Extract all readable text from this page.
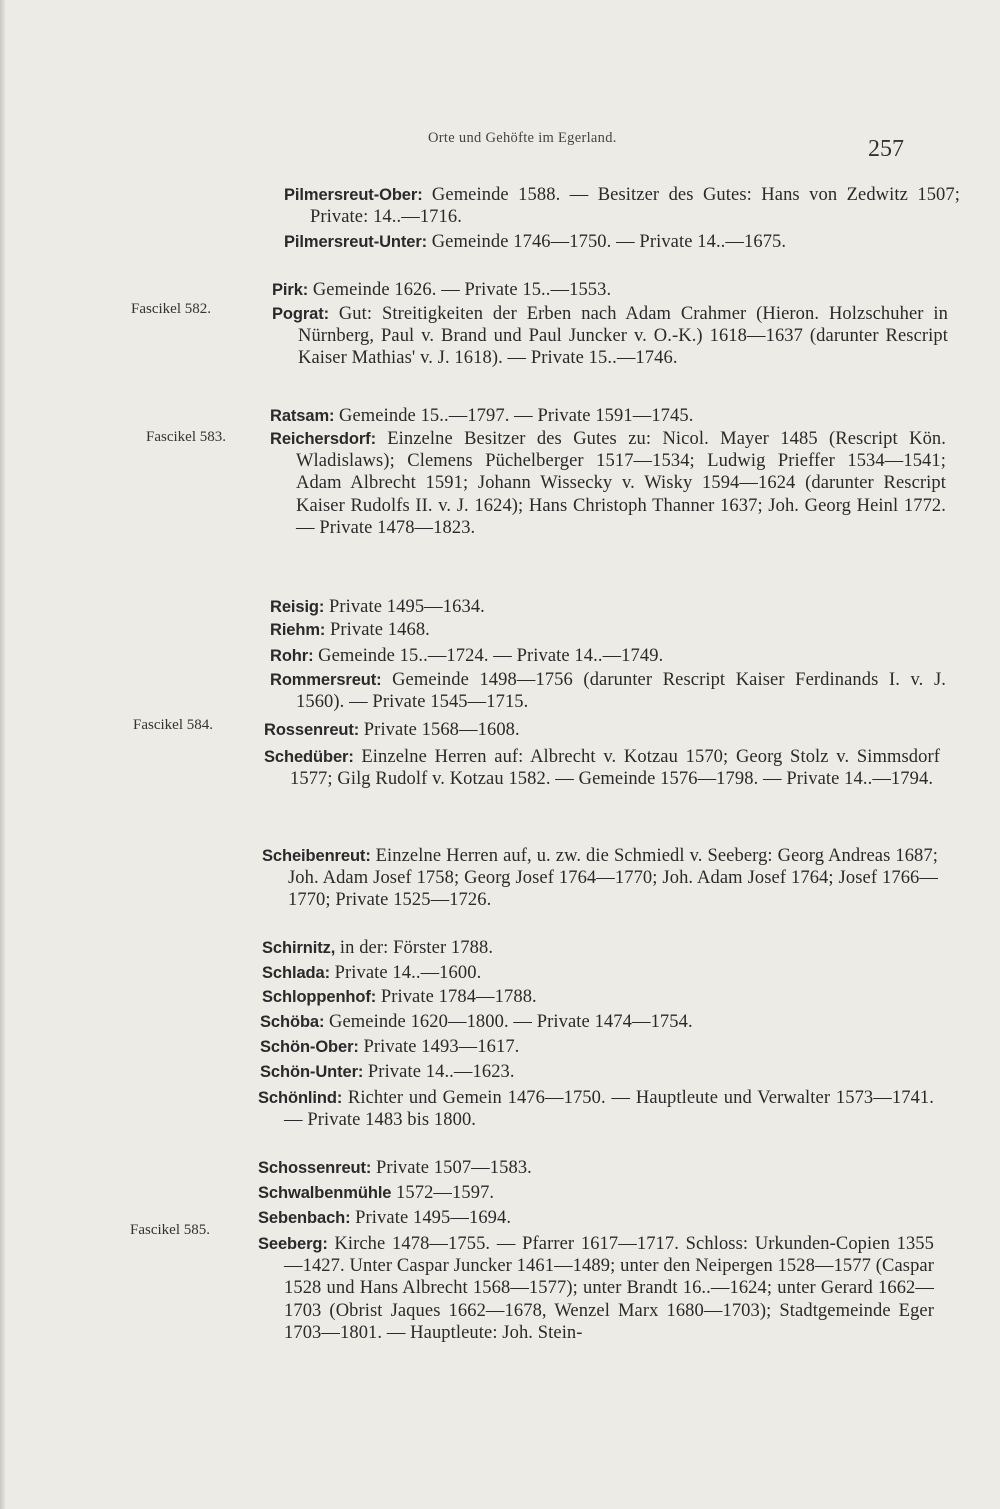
Orte und Gehöfte im Egerland.	257
Fascikel 582.
Fascikel 583.
Fascikel 584.
Fascikel 585.
Pilmersreut-Ober: Gemeinde 1588. — Besitzer des Gutes: Hans von Zedwitz 1507; Private: 14..—1716.
Pilmersreut-Unter: Gemeinde 1746—1750. — Private 14..—1675.
Pirk: Gemeinde 1626. — Private 15..—1553.
Pograt: Gut: Streitigkeiten der Erben nach Adam Crahmer (Hieron. Holzschuher in Nürnberg, Paul v. Brand und Paul Juncker v. O.-K.) 1618—1637 (darunter Rescript Kaiser Mathias' v. J. 1618). — Private 15..—1746.
Ratsam: Gemeinde 15..—1797. — Private 1591—1745.
Reichersdorf: Einzelne Besitzer des Gutes zu: Nicol. Mayer 1485 (Rescript Kön. Wladislaws); Clemens Püchelberger 1517—1534; Ludwig Prieffer 1534—1541; Adam Albrecht 1591; Johann Wissecky v. Wisky 1594—1624 (darunter Rescript Kaiser Rudolfs II. v. J. 1624); Hans Christoph Thanner 1637; Joh. Georg Heinl 1772. — Private 1478—1823.
Reisig: Private 1495—1634.
Riehm: Private 1468.
Rohr: Gemeinde 15..—1724. — Private 14..—1749.
Rommersreut: Gemeinde 1498—1756 (darunter Rescript Kaiser Ferdinands I. v. J. 1560). — Private 1545—1715.
Rossenreut: Private 1568—1608.
Schedüber: Einzelne Herren auf: Albrecht v. Kotzau 1570; Georg Stolz v. Simmsdorf 1577; Gilg Rudolf v. Kotzau 1582. — Gemeinde 1576—1798. — Private 14..—1794.
Scheibenreut: Einzelne Herren auf, u. zw. die Schmiedl v. Seeberg: Georg Andreas 1687; Joh. Adam Josef 1758; Georg Josef 1764—1770; Joh. Adam Josef 1764; Josef 1766—1770; Private 1525—1726.
Schirnitz, in der: Förster 1788.
Schlada: Private 14..—1600.
Schloppenhof: Private 1784—1788.
Schöba: Gemeinde 1620—1800. — Private 1474—1754.
Schön-Ober: Private 1493—1617.
Schön-Unter: Private 14..—1623.
Schönlind: Richter und Gemein 1476—1750. — Hauptleute und Verwalter 1573—1741. — Private 1483 bis 1800.
Schossenreut: Private 1507—1583.
Schwalbenmühle 1572—1597.
Sebenbach: Private 1495—1694.
Seeberg: Kirche 1478—1755. — Pfarrer 1617—1717. Schloss: Urkunden-Copien 1355—1427. Unter Caspar Juncker 1461—1489; unter den Neipergen 1528—1577 (Caspar 1528 und Hans Albrecht 1568—1577); unter Brandt 16..—1624; unter Gerard 1662—1703 (Obrist Jaques 1662—1678, Wenzel Marx 1680—1703); Stadtgemeinde Eger 1703—1801. — Hauptleute: Joh. Stein-
